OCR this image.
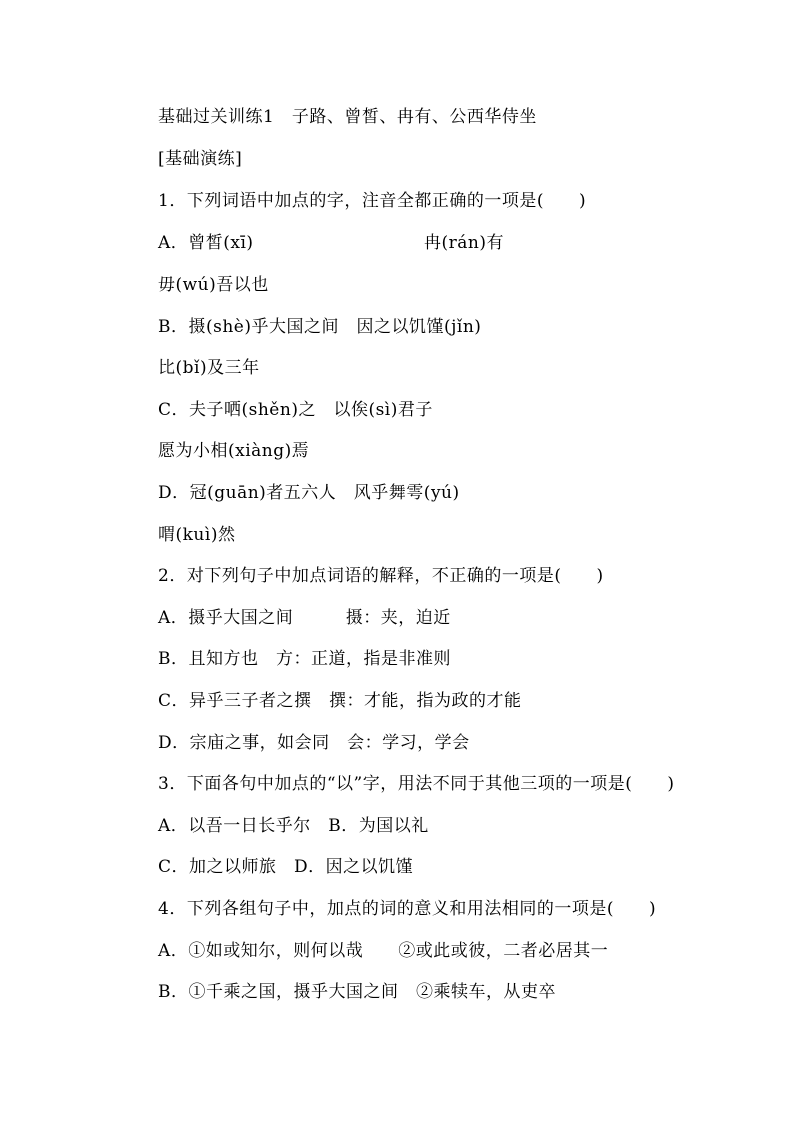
基础过关训练1　子路、曾皙、冉有、公西华侍坐
[基础演练]
1．下列词语中加点的字，注音全都正确的一项是(　　)
A．曾皙(xī)	冉(rán)有
毋(wú)吾以也
B．摄(shè)乎大国之间　因之以饥馑(jǐn)
比(bǐ)及三年
C．夫子哂(shěn)之　以俟(sì)君子
愿为小相(xiàng)焉
D．冠(guān)者五六人　风乎舞雩(yú)
喟(kuì)然
2．对下列句子中加点词语的解释，不正确的一项是(　　)
A．摄乎大国之间　　　摄：夹，迫近
B．且知方也　方：正道，指是非准则
C．异乎三子者之撰　撰：才能，指为政的才能
D．宗庙之事，如会同　会：学习，学会
3．下面各句中加点的“以”字，用法不同于其他三项的一项是(　　)
A．以吾一日长乎尔　B．为国以礼
C．加之以师旅　D．因之以饥馑
4．下列各组句子中，加点的词的意义和用法相同的一项是(　　)
A．①如或知尔，则何以哉　　②或此或彼，二者必居其一
B．①千乘之国，摄乎大国之间　②乘犊车，从吏卒
